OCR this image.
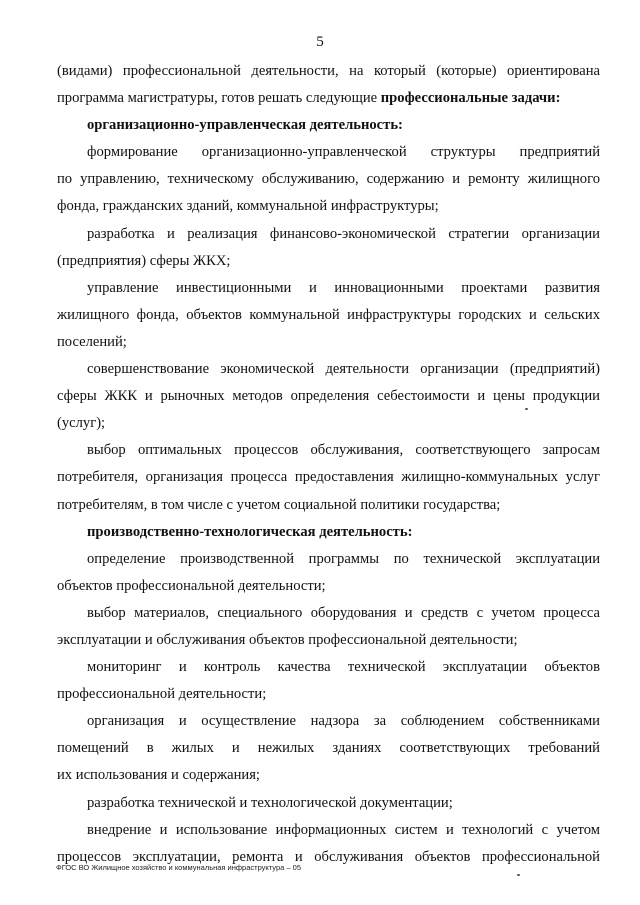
5
(видами) профессиональной деятельности, на который (которые) ориентирована
программа магистратуры, готов решать следующие профессиональные задачи:
организационно-управленческая деятельность:
формирование организационно-управленческой структуры предприятий
по управлению, техническому обслуживанию, содержанию и ремонту жилищного
фонда, гражданских зданий, коммунальной инфраструктуры;
разработка и реализация финансово-экономической стратегии организации
(предприятия) сферы ЖКХ;
управление инвестиционными и инновационными проектами развития
жилищного фонда, объектов коммунальной инфраструктуры городских и сельских
поселений;
совершенствование экономической деятельности организации (предприятий)
сферы ЖКК и рыночных методов определения себестоимости и цены продукции
(услуг);
выбор оптимальных процессов обслуживания, соответствующего запросам
потребителя, организация процесса предоставления жилищно-коммунальных услуг
потребителям, в том числе с учетом социальной политики государства;
производственно-технологическая деятельность:
определение производственной программы по технической эксплуатации
объектов профессиональной деятельности;
выбор материалов, специального оборудования и средств с учетом процесса
эксплуатации и обслуживания объектов профессиональной деятельности;
мониторинг и контроль качества технической эксплуатации объектов
профессиональной деятельности;
организация и осуществление надзора за соблюдением собственниками
помещений в жилых и нежилых зданиях соответствующих требований
их использования и содержания;
разработка технической и технологической документации;
внедрение и использование информационных систем и технологий с учетом
процессов эксплуатации, ремонта и обслуживания объектов профессиональной
ФГОС ВО Жилищное хозяйство и коммунальная инфраструктура – 05
